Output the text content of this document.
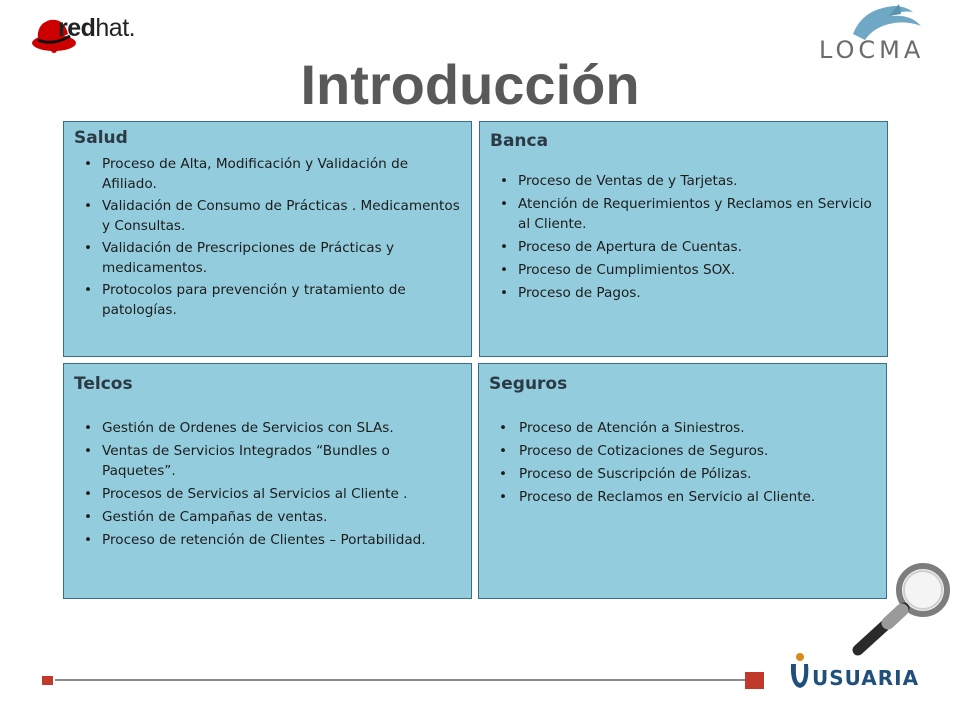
redhat.
LOCMA
Introducción
Salud
• Proceso de Alta, Modificación y Validación de Afiliado.
• Validación de Consumo de Prácticas . Medicamentos y Consultas.
• Validación de Prescripciones de Prácticas y medicamentos.
• Protocolos para prevención y tratamiento de patologías.
Banca
• Proceso de Ventas de y Tarjetas.
• Atención de Requerimientos y Reclamos en Servicio al Cliente.
• Proceso de Apertura de Cuentas.
• Proceso de Cumplimientos SOX.
• Proceso de Pagos.
Telcos
• Gestión de Ordenes de Servicios con SLAs.
• Ventas de Servicios Integrados “Bundles o Paquetes”.
• Procesos de Servicios al Servicios al Cliente .
• Gestión de Campañas de ventas.
• Proceso de retención de Clientes – Portabilidad.
Seguros
• Proceso de Atención a Siniestros.
• Proceso de Cotizaciones de Seguros.
• Proceso de Suscripción de Pólizas.
• Proceso de Reclamos en Servicio al Cliente.
USUARIA
